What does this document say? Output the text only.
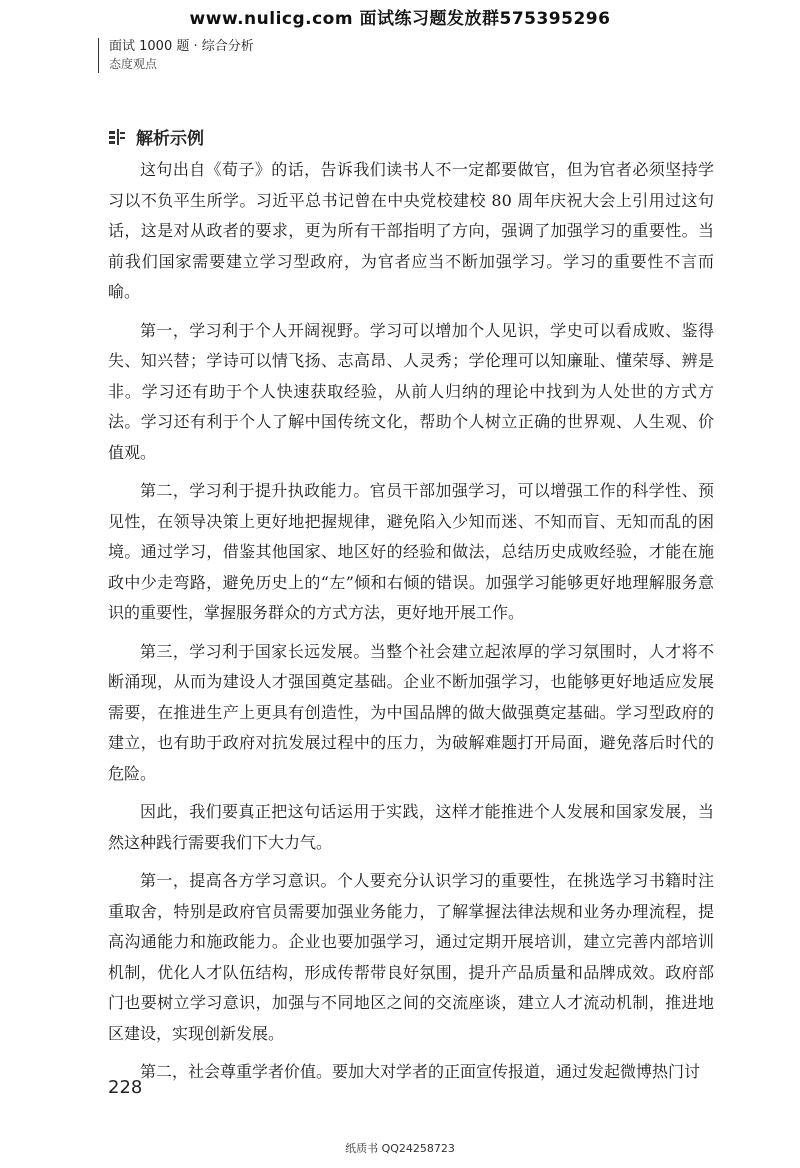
www.nulicg.com 面试练习题发放群575395296
面试 1000 题 · 综合分析
态度观点
解析示例

这句出自《荀子》的话，告诉我们读书人不一定都要做官，但为官者必须坚持学习以不负平生所学。习近平总书记曾在中央党校建校 80 周年庆祝大会上引用过这句话，这是对从政者的要求，更为所有干部指明了方向，强调了加强学习的重要性。当前我们国家需要建立学习型政府，为官者应当不断加强学习。学习的重要性不言而喻。

第一，学习利于个人开阔视野。学习可以增加个人见识，学史可以看成败、鉴得失、知兴替；学诗可以情飞扬、志高昂、人灵秀；学伦理可以知廉耻、懂荣辱、辨是非。学习还有助于个人快速获取经验，从前人归纳的理论中找到为人处世的方式方法。学习还有利于个人了解中国传统文化，帮助个人树立正确的世界观、人生观、价值观。

第二，学习利于提升执政能力。官员干部加强学习，可以增强工作的科学性、预见性，在领导决策上更好地把握规律，避免陷入少知而迷、不知而盲、无知而乱的困境。通过学习，借鉴其他国家、地区好的经验和做法，总结历史成败经验，才能在施政中少走弯路，避免历史上的“左”倾和右倾的错误。加强学习能够更好地理解服务意识的重要性，掌握服务群众的方式方法，更好地开展工作。

第三，学习利于国家长远发展。当整个社会建立起浓厚的学习氛围时，人才将不断涌现，从而为建设人才强国奠定基础。企业不断加强学习，也能够更好地适应发展需要，在推进生产上更具有创造性，为中国品牌的做大做强奠定基础。学习型政府的建立，也有助于政府对抗发展过程中的压力，为破解难题打开局面，避免落后时代的危险。

因此，我们要真正把这句话运用于实践，这样才能推进个人发展和国家发展，当然这种践行需要我们下大力气。

第一，提高各方学习意识。个人要充分认识学习的重要性，在挑选学习书籍时注重取舍，特别是政府官员需要加强业务能力，了解掌握法律法规和业务办理流程，提高沟通能力和施政能力。企业也要加强学习，通过定期开展培训，建立完善内部培训机制，优化人才队伍结构，形成传帮带良好氛围，提升产品质量和品牌成效。政府部门也要树立学习意识，加强与不同地区之间的交流座谈，建立人才流动机制，推进地区建设，实现创新发展。

第二，社会尊重学者价值。要加大对学者的正面宣传报道，通过发起微博热门讨

228
纸质书 QQ24258723
